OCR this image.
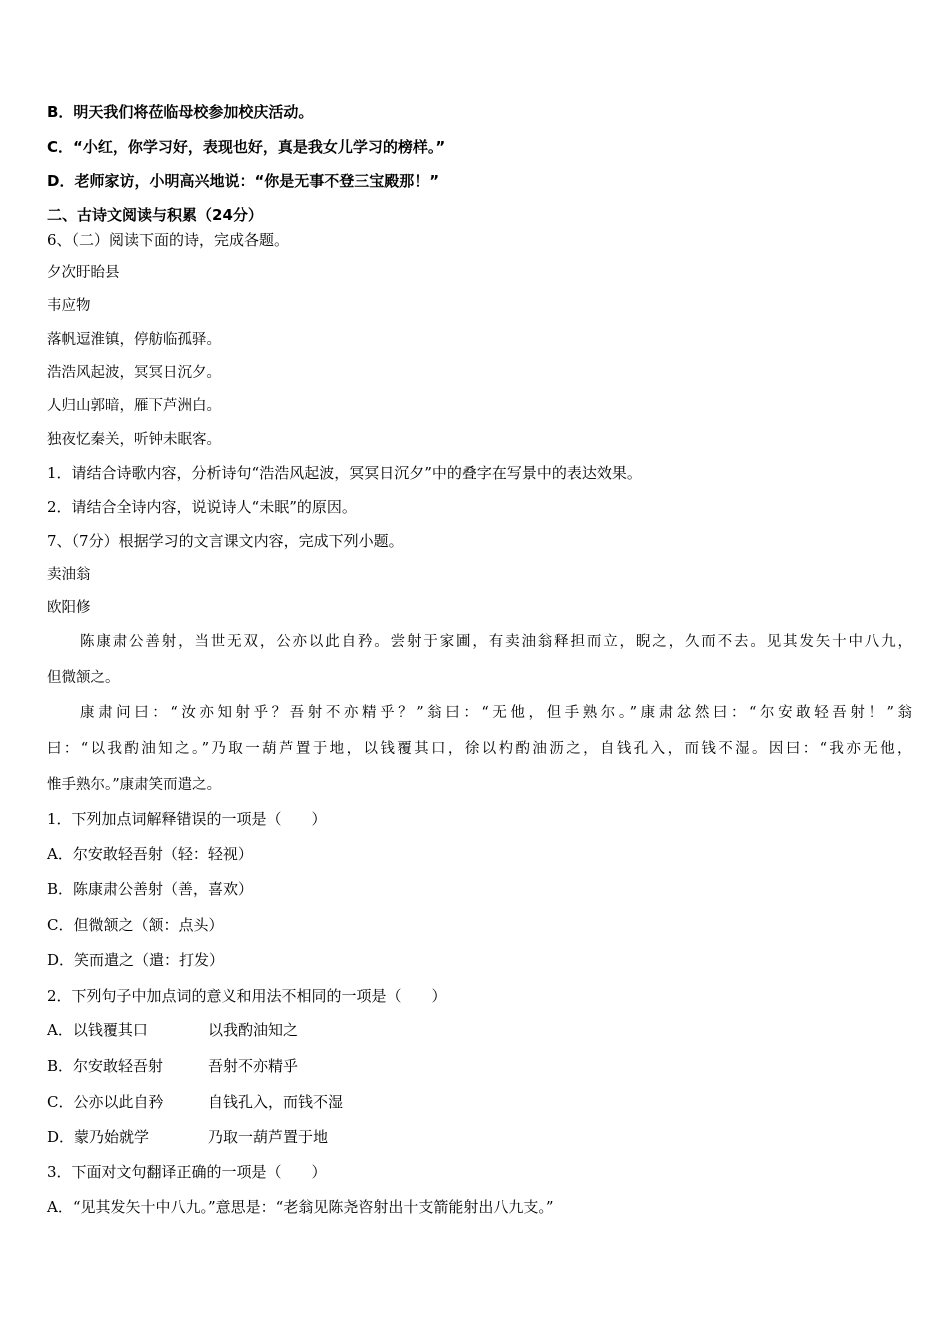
B．明天我们将莅临母校参加校庆活动。
C．“小红，你学习好，表现也好，真是我女儿学习的榜样。”
D．老师家访，小明高兴地说：“你是无事不登三宝殿那！”
二、古诗文阅读与积累（24分）
6、（二）阅读下面的诗，完成各题。
夕次盱眙县
韦应物
落帆逗淮镇，停舫临孤驿。
浩浩风起波，冥冥日沉夕。
人归山郭暗，雁下芦洲白。
独夜忆秦关，听钟未眠客。
1．请结合诗歌内容，分析诗句“浩浩风起波，冥冥日沉夕”中的叠字在写景中的表达效果。
2．请结合全诗内容，说说诗人“未眠”的原因。
7、（7分）根据学习的文言课文内容，完成下列小题。
卖油翁
欧阳修
陈康肃公善射，当世无双，公亦以此自矜。尝射于家圃，有卖油翁释担而立，睨之，久而不去。见其发矢十中八九，
但微颔之。
康肃问曰：“汝亦知射乎？吾射不亦精乎？”翁曰：“无他，但手熟尔。”康肃忿然曰：“尔安敢轻吾射！”翁
曰：“以我酌油知之。”乃取一葫芦置于地，以钱覆其口，徐以杓酌油沥之，自钱孔入，而钱不湿。因曰：“我亦无他，
惟手熟尔。”康肃笑而遣之。
1．下列加点词解释错误的一项是（　　）
A．尔安敢轻吾射（轻：轻视）
B．陈康肃公善射（善，喜欢）
C．但微颔之（颔：点头）
D．笑而遣之（遣：打发）
2．下列句子中加点词的意义和用法不相同的一项是（　　）
A．以钱覆其口	以我酌油知之
B．尔安敢轻吾射	吾射不亦精乎
C．公亦以此自矜	自钱孔入，而钱不湿
D．蒙乃始就学	乃取一葫芦置于地
3．下面对文句翻译正确的一项是（　　）
A．“见其发矢十中八九。”意思是：“老翁见陈尧咨射出十支箭能射出八九支。”
